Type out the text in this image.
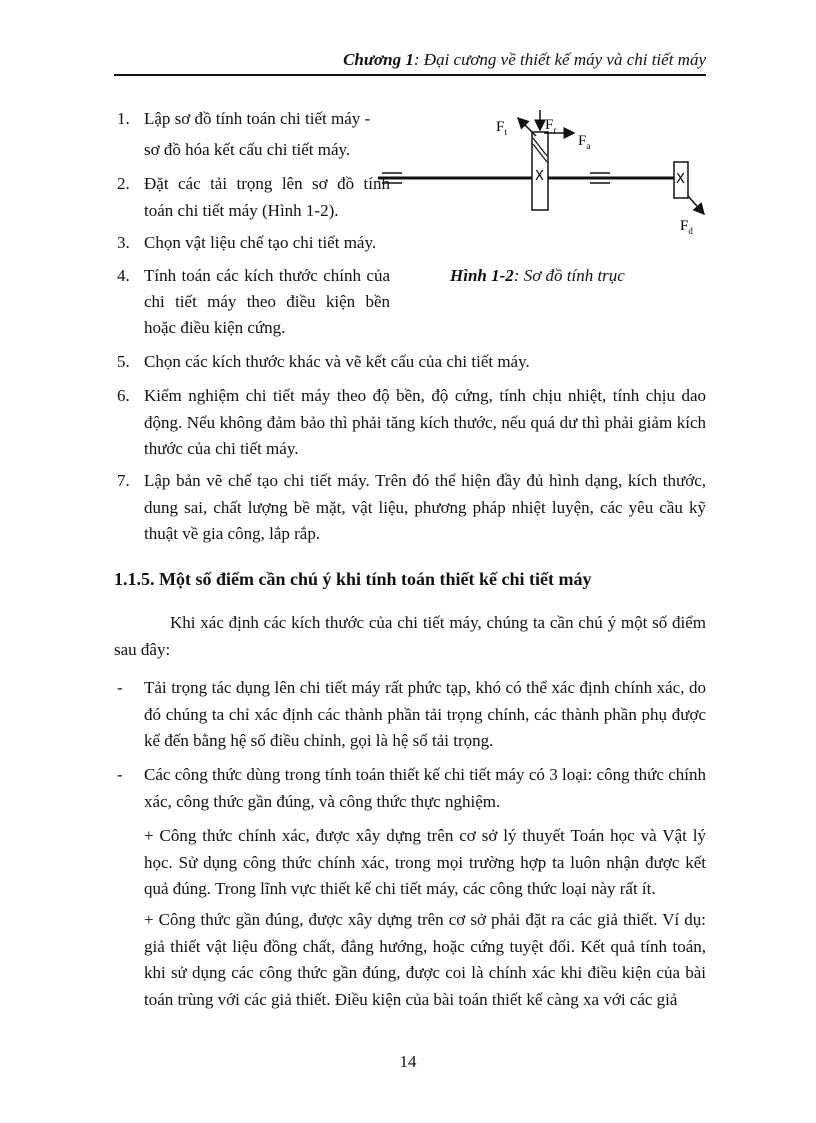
Chương 1: Đại cương về thiết kế máy và chi tiết máy
1. Lập sơ đồ tính toán chi tiết máy -
sơ đồ hóa kết cấu chi tiết máy.
2. Đặt các tải trọng lên sơ đồ tính
toán chi tiết máy (Hình 1-2).
3. Chọn vật liệu chế tạo chi tiết máy.
4. Tính toán các kích thước chính của
chi tiết máy theo điều kiện bền
hoặc điều kiện cứng.
X	X
$F_t$	$F_r$
$F_a$
$F_d$
Hình 1-2: Sơ đồ tính trục
5. Chọn các kích thước khác và vẽ kết cấu của chi tiết máy.
6. Kiểm nghiệm chi tiết máy theo độ bền, độ cứng, tính chịu nhiệt, tính chịu dao động. Nếu không đảm bảo thì phải tăng kích thước, nếu quá dư thì phải giảm kích thước của chi tiết máy.
7. Lập bản vẽ chế tạo chi tiết máy. Trên đó thể hiện đầy đủ hình dạng, kích thước, dung sai, chất lượng bề mặt, vật liệu, phương pháp nhiệt luyện, các yêu cầu kỹ thuật về gia công, lắp rắp.
1.1.5. Một số điểm cần chú ý khi tính toán thiết kế chi tiết máy
Khi xác định các kích thước của chi tiết máy, chúng ta cần chú ý một số điểm sau đây:
- Tải trọng tác dụng lên chi tiết máy rất phức tạp, khó có thể xác định chính xác, do đó chúng ta chỉ xác định các thành phần tải trọng chính, các thành phần phụ được kể đến bằng hệ số điều chỉnh, gọi là hệ số tải trọng.
- Các công thức dùng trong tính toán thiết kế chi tiết máy có 3 loại: công thức chính xác, công thức gần đúng, và công thức thực nghiệm.
+ Công thức chính xác, được xây dựng trên cơ sở lý thuyết Toán học và Vật lý học. Sử dụng công thức chính xác, trong mọi trường hợp ta luôn nhận được kết quả đúng. Trong lĩnh vực thiết kế chi tiết máy, các công thức loại này rất ít.
+ Công thức gần đúng, được xây dựng trên cơ sở phải đặt ra các giả thiết. Ví dụ: giả thiết vật liệu đồng chất, đẳng hướng, hoặc cứng tuyệt đối. Kết quả tính toán, khi sử dụng các công thức gần đúng, được coi là chính xác khi điều kiện của bài toán trùng với các giả thiết. Điều kiện của bài toán thiết kế càng xa với các giả
14
